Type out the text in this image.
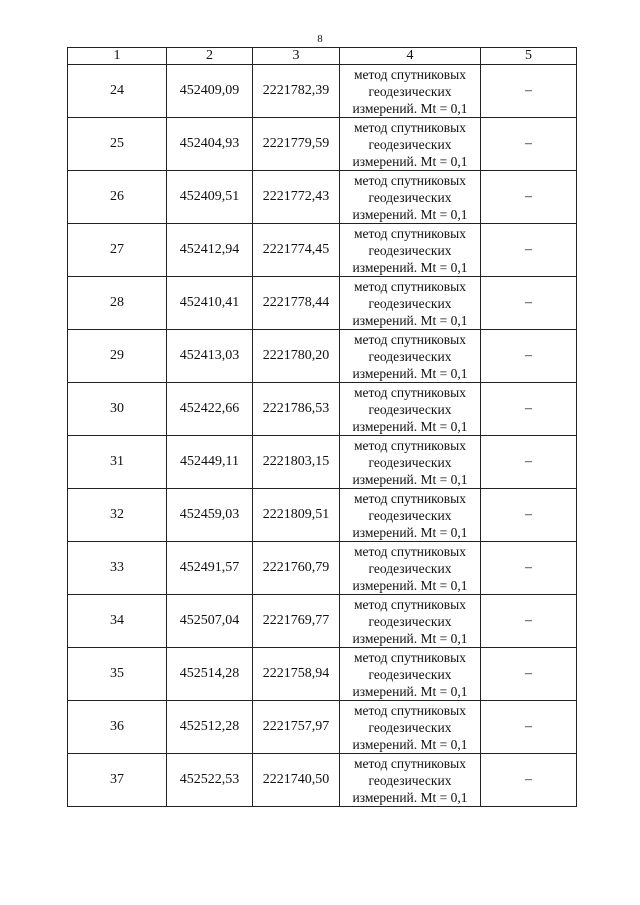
8
1	2	3	4	5
24	452409,09	2221782,39	метод спутниковых
геодезических
измерений. Mt = 0,1	–
25	452404,93	2221779,59	метод спутниковых
геодезических
измерений. Mt = 0,1	–
26	452409,51	2221772,43	метод спутниковых
геодезических
измерений. Mt = 0,1	–
27	452412,94	2221774,45	метод спутниковых
геодезических
измерений. Mt = 0,1	–
28	452410,41	2221778,44	метод спутниковых
геодезических
измерений. Mt = 0,1	–
29	452413,03	2221780,20	метод спутниковых
геодезических
измерений. Mt = 0,1	–
30	452422,66	2221786,53	метод спутниковых
геодезических
измерений. Mt = 0,1	–
31	452449,11	2221803,15	метод спутниковых
геодезических
измерений. Mt = 0,1	–
32	452459,03	2221809,51	метод спутниковых
геодезических
измерений. Mt = 0,1	–
33	452491,57	2221760,79	метод спутниковых
геодезических
измерений. Mt = 0,1	–
34	452507,04	2221769,77	метод спутниковых
геодезических
измерений. Mt = 0,1	–
35	452514,28	2221758,94	метод спутниковых
геодезических
измерений. Mt = 0,1	–
36	452512,28	2221757,97	метод спутниковых
геодезических
измерений. Mt = 0,1	–
37	452522,53	2221740,50	метод спутниковых
геодезических
измерений. Mt = 0,1	–
